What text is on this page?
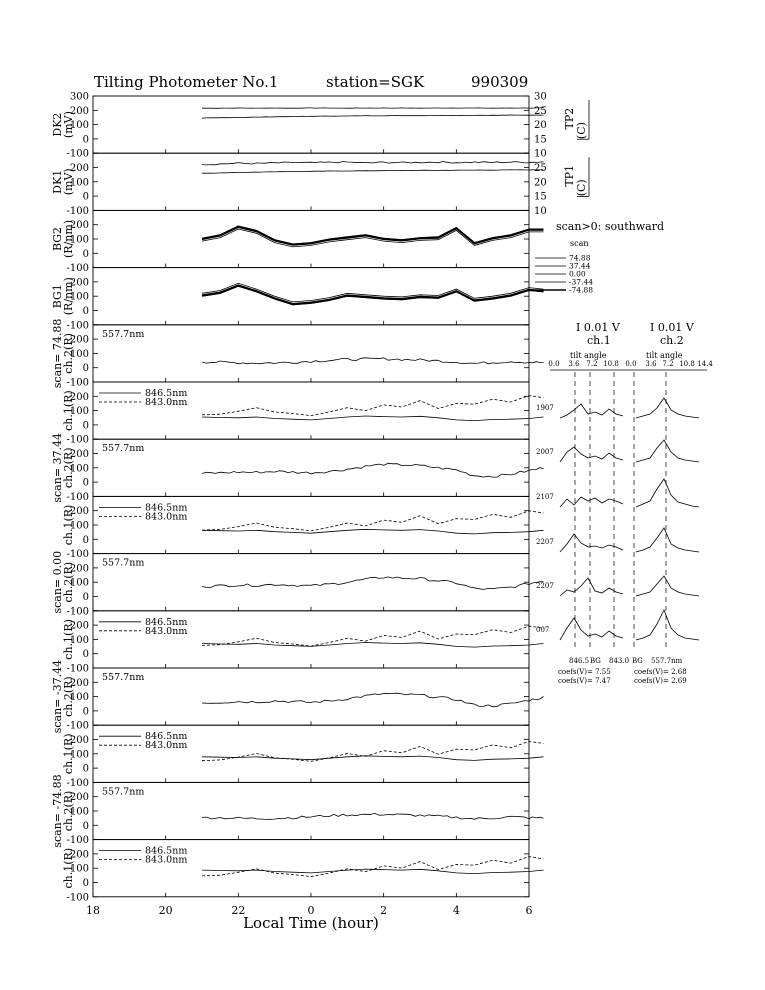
Tilting Photometer No.1	station=SGK	990309
-100
0
100
200
300
DK2
(mV)
10
15
20
25
30
TP2
(C)
-100
0
100
200
DK1
(mV)
10
15
20
25 TP1
(C)
-100
0
100
200
BG2
(R/nm)
-100
0
100
200
BG1
(R/nm)
-100
0
100
200
scan= 74.88
ch.2(R)	557.7nm
-100
0
100
200
ch.1(R)	846.5nm
843.0nm
-100
0
100
200
scan= 37.44
ch.2(R)	557.7nm
-100
0
100
200
ch.1(R)	846.5nm
843.0nm
-100
0
100
200
scan= 0.00
ch.2(R)	557.7nm
-100
0
100
200
ch.1(R)	846.5nm
843.0nm
-100
0
100
200
scan= -37.44
ch.2(R)	557.7nm
-100
0
100
200
ch.1(R)	846.5nm
843.0nm
-100
0
100
200
scan= -74.88
ch.2(R)	557.7nm
-100
0
100
200
ch.1(R)	846.5nm
843.0nm
18	20	22	0	2	4	6
Local Time (hour)
scan>0: southward
scan
74.88
37.44
0.00
-37.44
-74.88
I 0.01 V	I 0.01 V
ch.1	ch.2
tilt angle	tilt angle
0.0 3.6 7.2 10.8 0.0 3.6 7.2 10.8 14.4
1907
2007
2107
2207
2207
007
846.5 BG 843.0 BG 557.7nm
coefs(V)= 7.55
coefs(V)= 7.47
coefs(V)= 2.68
coefs(V)= 2.69
